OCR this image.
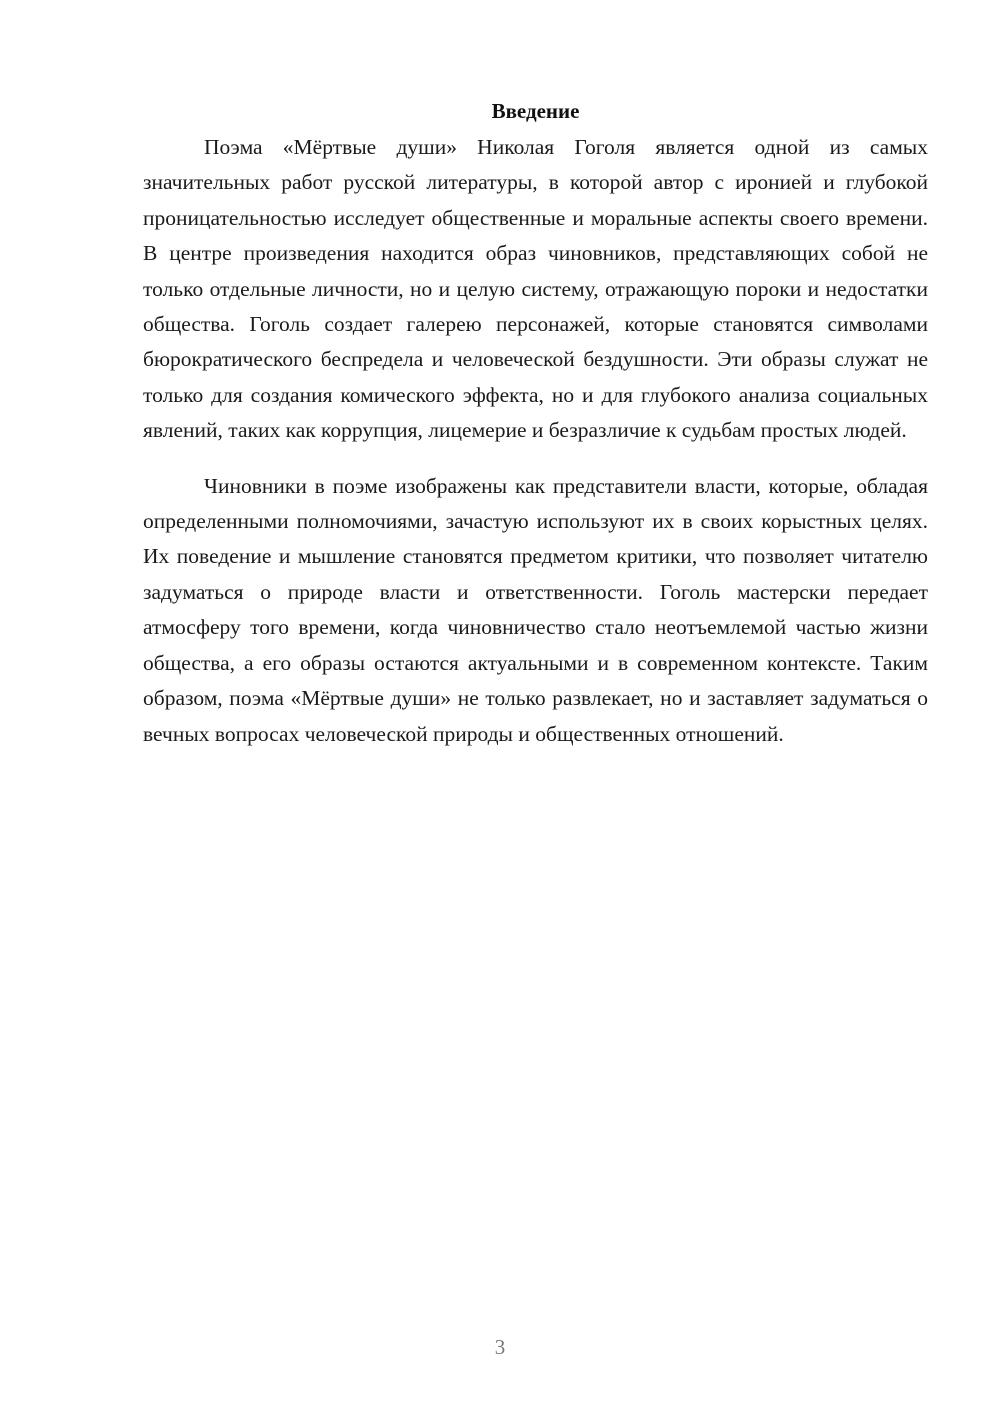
Введение

Поэма «Мёртвые души» Николая Гоголя является одной из самых значительных работ русской литературы, в которой автор с иронией и глубокой проницательностью исследует общественные и моральные аспекты своего времени. В центре произведения находится образ чиновников, представляющих собой не только отдельные личности, но и целую систему, отражающую пороки и недостатки общества. Гоголь создает галерею персонажей, которые становятся символами бюрократического беспредела и человеческой бездушности. Эти образы служат не только для создания комического эффекта, но и для глубокого анализа социальных явлений, таких как коррупция, лицемерие и безразличие к судьбам простых людей.

Чиновники в поэме изображены как представители власти, которые, обладая определенными полномочиями, зачастую используют их в своих корыстных целях. Их поведение и мышление становятся предметом критики, что позволяет читателю задуматься о природе власти и ответственности. Гоголь мастерски передает атмосферу того времени, когда чиновничество стало неотъемлемой частью жизни общества, а его образы остаются актуальными и в современном контексте. Таким образом, поэма «Мёртвые души» не только развлекает, но и заставляет задуматься о вечных вопросах человеческой природы и общественных отношений.

3
